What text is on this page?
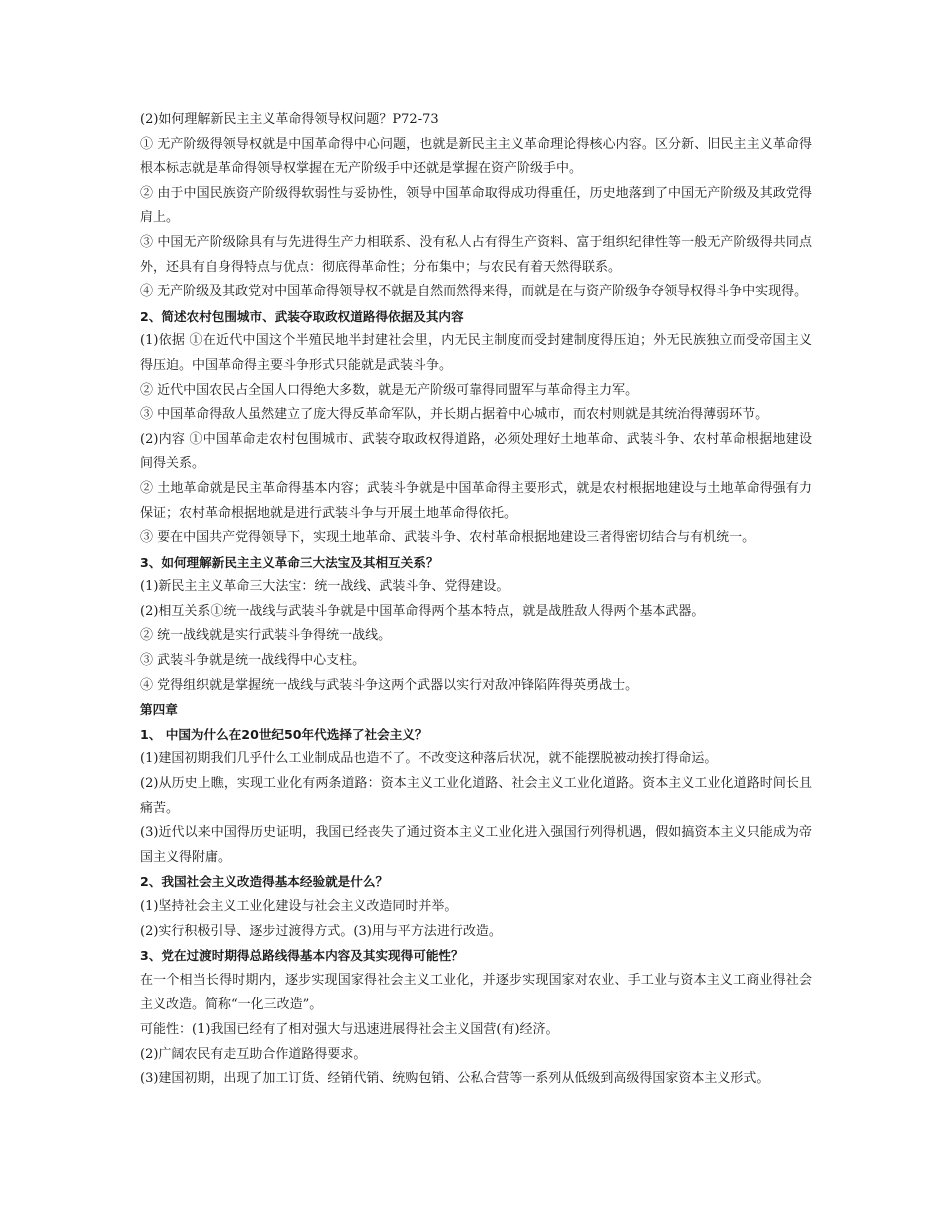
(2)如何理解新民主主义革命得领导权问题？P72-73

① 无产阶级得领导权就是中国革命得中心问题，也就是新民主主义革命理论得核心内容。区分新、旧民主主义革命得根本标志就是革命得领导权掌握在无产阶级手中还就是掌握在资产阶级手中。

② 由于中国民族资产阶级得软弱性与妥协性，领导中国革命取得成功得重任，历史地落到了中国无产阶级及其政党得肩上。

③ 中国无产阶级除具有与先进得生产力相联系、没有私人占有得生产资料、富于组织纪律性等一般无产阶级得共同点外，还具有自身得特点与优点：彻底得革命性；分布集中；与农民有着天然得联系。

④ 无产阶级及其政党对中国革命得领导权不就是自然而然得来得，而就是在与资产阶级争夺领导权得斗争中实现得。

2、简述农村包围城市、武装夺取政权道路得依据及其内容

(1)依据 ①在近代中国这个半殖民地半封建社会里，内无民主制度而受封建制度得压迫；外无民族独立而受帝国主义得压迫。中国革命得主要斗争形式只能就是武装斗争。

② 近代中国农民占全国人口得绝大多数，就是无产阶级可靠得同盟军与革命得主力军。

③ 中国革命得敌人虽然建立了庞大得反革命军队，并长期占据着中心城市，而农村则就是其统治得薄弱环节。

(2)内容 ①中国革命走农村包围城市、武装夺取政权得道路，必须处理好土地革命、武装斗争、农村革命根据地建设间得关系。

② 土地革命就是民主革命得基本内容；武装斗争就是中国革命得主要形式，就是农村根据地建设与土地革命得强有力保证；农村革命根据地就是进行武装斗争与开展土地革命得依托。

③ 要在中国共产党得领导下，实现土地革命、武装斗争、农村革命根据地建设三者得密切结合与有机统一。

3、如何理解新民主主义革命三大法宝及其相互关系？

(1)新民主主义革命三大法宝：统一战线、武装斗争、党得建设。

(2)相互关系①统一战线与武装斗争就是中国革命得两个基本特点，就是战胜敌人得两个基本武器。

② 统一战线就是实行武装斗争得统一战线。

③ 武装斗争就是统一战线得中心支柱。

④ 党得组织就是掌握统一战线与武装斗争这两个武器以实行对敌冲锋陷阵得英勇战士。

第四章

1、 中国为什么在20世纪50年代选择了社会主义？

(1)建国初期我们几乎什么工业制成品也造不了。不改变这种落后状况，就不能摆脱被动挨打得命运。

(2)从历史上瞧，实现工业化有两条道路：资本主义工业化道路、社会主义工业化道路。资本主义工业化道路时间长且痛苦。

(3)近代以来中国得历史证明，我国已经丧失了通过资本主义工业化进入强国行列得机遇，假如搞资本主义只能成为帝国主义得附庸。

2、我国社会主义改造得基本经验就是什么？

(1)坚持社会主义工业化建设与社会主义改造同时并举。

(2)实行积极引导、逐步过渡得方式。(3)用与平方法进行改造。

3、党在过渡时期得总路线得基本内容及其实现得可能性？

在一个相当长得时期内，逐步实现国家得社会主义工业化，并逐步实现国家对农业、手工业与资本主义工商业得社会主义改造。简称“一化三改造”。

可能性：(1)我国已经有了相对强大与迅速进展得社会主义国营(有)经济。

(2)广阔农民有走互助合作道路得要求。

(3)建国初期，出现了加工订货、经销代销、统购包销、公私合营等一系列从低级到高级得国家资本主义形式。
